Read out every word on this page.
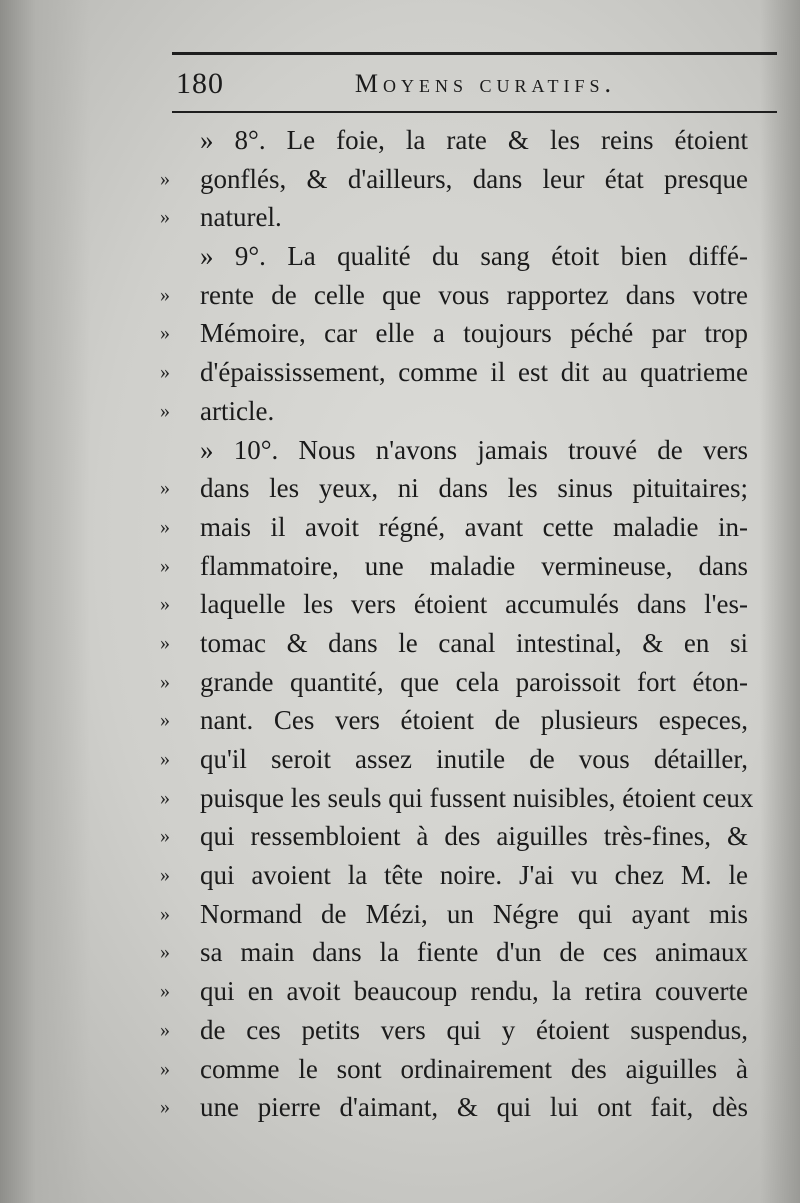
180	Moyens curatifs.
» 8°. Le foie, la rate & les reins étoient
»	gonflés, & d'ailleurs, dans leur état presque
»	naturel.
» 9°. La qualité du sang étoit bien diffé-
»	rente de celle que vous rapportez dans votre
»	Mémoire, car elle a toujours péché par trop
»	d'épaississement, comme il est dit au quatrieme
»	article.
» 10°. Nous n'avons jamais trouvé de vers
»	dans les yeux, ni dans les sinus pituitaires;
»	mais il avoit régné, avant cette maladie in-
»	flammatoire, une maladie vermineuse, dans
»	laquelle les vers étoient accumulés dans l'es-
»	tomac & dans le canal intestinal, & en si
»	grande quantité, que cela paroissoit fort éton-
»	nant. Ces vers étoient de plusieurs especes,
»	qu'il seroit assez inutile de vous détailler,
»	puisque les seuls qui fussent nuisibles, étoient ceux
»	qui ressembloient à des aiguilles très-fines, &
»	qui avoient la tête noire. J'ai vu chez M. le
»	Normand de Mézi, un Négre qui ayant mis
»	sa main dans la fiente d'un de ces animaux
»	qui en avoit beaucoup rendu, la retira couverte
»	de ces petits vers qui y étoient suspendus,
»	comme le sont ordinairement des aiguilles à
»	une pierre d'aimant, & qui lui ont fait, dès
